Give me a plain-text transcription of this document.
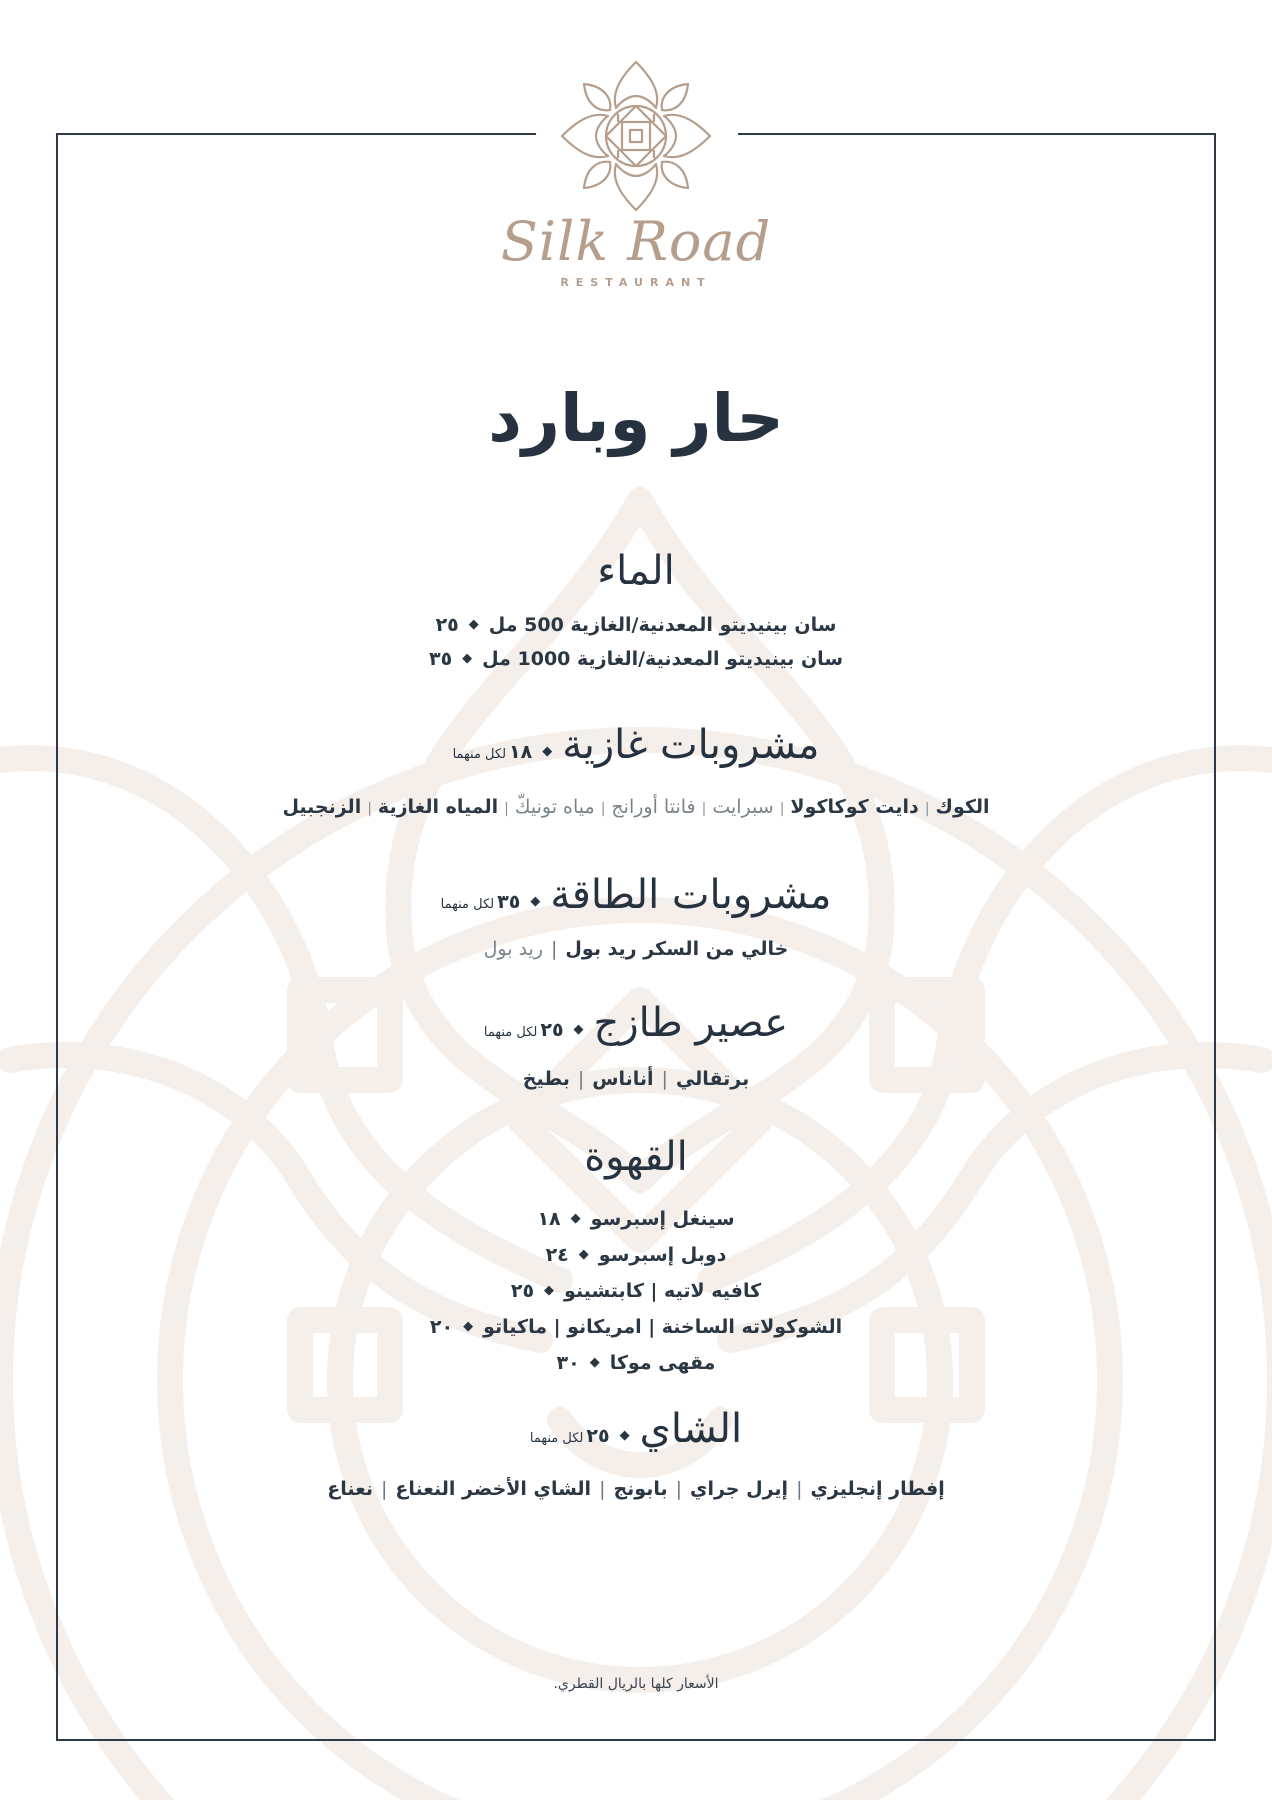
Silk Road
RESTAURANT
حار وبارد
الماء
سان بينيديتو المعدنية/الغازية 500 مل◆٢٥
سان بينيديتو المعدنية/الغازية 1000 مل◆٣٥
مشروبات غازية◆١٨لكل منهما
الكوك|دايت كوكاكولا|سبرايت|فانتا أورانج|مياه تونيكّ|المياه الغازية|الزنجبيل
مشروبات الطاقة◆٣٥لكل منهما
خالي من السكر ريد بول|ريد بول
عصير طازج◆٢٥لكل منهما
برتقالي|أناناس|بطيخ
القهوة
سينغل إسبرسو◆١٨
دوبل إسبرسو◆٢٤
كافيه لاتيه | كابتشينو◆٢٥
الشوكولاته الساخنة | امريكانو | ماكياتو◆٢٠
مقهى موكا◆٣٠
الشاي◆٢٥لكل منهما
إفطار إنجليزي|إيرل جراي|بابونج|الشاي الأخضر النعناع|نعناع
الأسعار كلها بالريال القطري.
